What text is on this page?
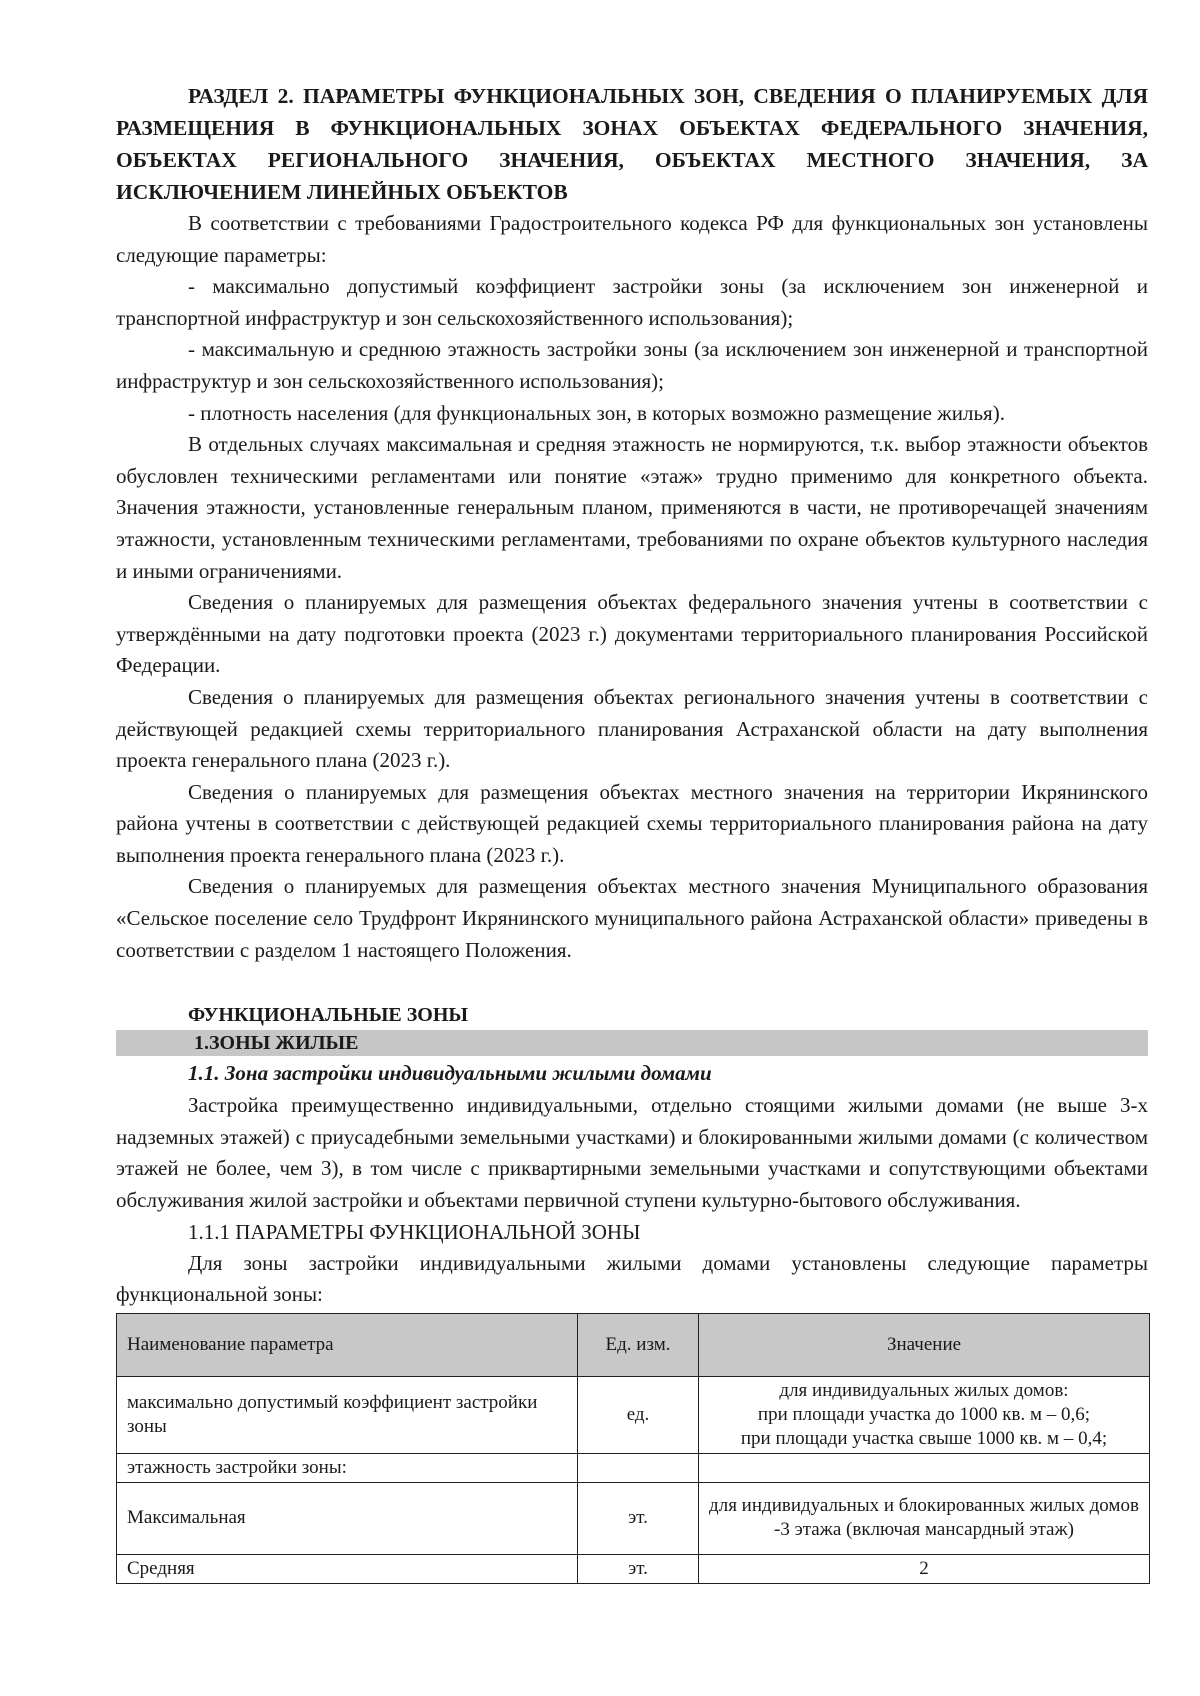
РАЗДЕЛ 2. ПАРАМЕТРЫ ФУНКЦИОНАЛЬНЫХ ЗОН, СВЕДЕНИЯ О ПЛАНИРУЕМЫХ ДЛЯ РАЗМЕЩЕНИЯ В ФУНКЦИОНАЛЬНЫХ ЗОНАХ ОБЪЕКТАХ ФЕДЕРАЛЬНОГО ЗНАЧЕНИЯ, ОБЪЕКТАХ РЕГИОНАЛЬНОГО ЗНАЧЕНИЯ, ОБЪЕКТАХ МЕСТНОГО ЗНАЧЕНИЯ, ЗА ИСКЛЮЧЕНИЕМ ЛИНЕЙНЫХ ОБЪЕКТОВ

В соответствии с требованиями Градостроительного кодекса РФ для функциональных зон установлены следующие параметры:

- максимально допустимый коэффициент застройки зоны (за исключением зон инженерной и транспортной инфраструктур и зон сельскохозяйственного использования);

- максимальную и среднюю этажность застройки зоны (за исключением зон инженерной и транспортной инфраструктур и зон сельскохозяйственного использования);

- плотность населения (для функциональных зон, в которых возможно размещение жилья).

В отдельных случаях максимальная и средняя этажность не нормируются, т.к. выбор этажности объектов обусловлен техническими регламентами или понятие «этаж» трудно применимо для конкретного объекта. Значения этажности, установленные генеральным планом, применяются в части, не противоречащей значениям этажности, установленным техническими регламентами, требованиями по охране объектов культурного наследия и иными ограничениями.

Сведения о планируемых для размещения объектах федерального значения учтены в соответствии с утверждёнными на дату подготовки проекта (2023 г.) документами территориального планирования Российской Федерации.

Сведения о планируемых для размещения объектах регионального значения учтены в соответствии с действующей редакцией схемы территориального планирования Астраханской области на дату выполнения проекта генерального плана (2023 г.).

Сведения о планируемых для размещения объектах местного значения на территории Икрянинского района учтены в соответствии с действующей редакцией схемы территориального планирования района на дату выполнения проекта генерального плана (2023 г.).

Сведения о планируемых для размещения объектах местного значения Муниципального образования «Сельское поселение село Трудфронт Икрянинского муниципального района Астраханской области» приведены в соответствии с разделом 1 настоящего Положения.

ФУНКЦИОНАЛЬНЫЕ ЗОНЫ
1.ЗОНЫ ЖИЛЫЕ
1.1. Зона застройки индивидуальными жилыми домами

Застройка преимущественно индивидуальными, отдельно стоящими жилыми домами (не выше 3-х надземных этажей) с приусадебными земельными участками) и блокированными жилыми домами (с количеством этажей не более, чем 3), в том числе с приквартирными земельными участками и сопутствующими объектами обслуживания жилой застройки и объектами первичной ступени культурно-бытового обслуживания.

1.1.1 ПАРАМЕТРЫ ФУНКЦИОНАЛЬНОЙ ЗОНЫ

Для зоны застройки индивидуальными жилыми домами установлены следующие параметры функциональной зоны:

Наименование параметра	Ед. изм.	Значение
максимально допустимый коэффициент застройки зоны	ед.	для индивидуальных жилых домов:
при площади участка до 1000 кв. м – 0,6;
при площади участка свыше 1000 кв. м – 0,4;
этажность застройки зоны:		
Максимальная	эт.	для индивидуальных и блокированных жилых домов -3 этажа (включая мансардный этаж)
Средняя	эт.	2
